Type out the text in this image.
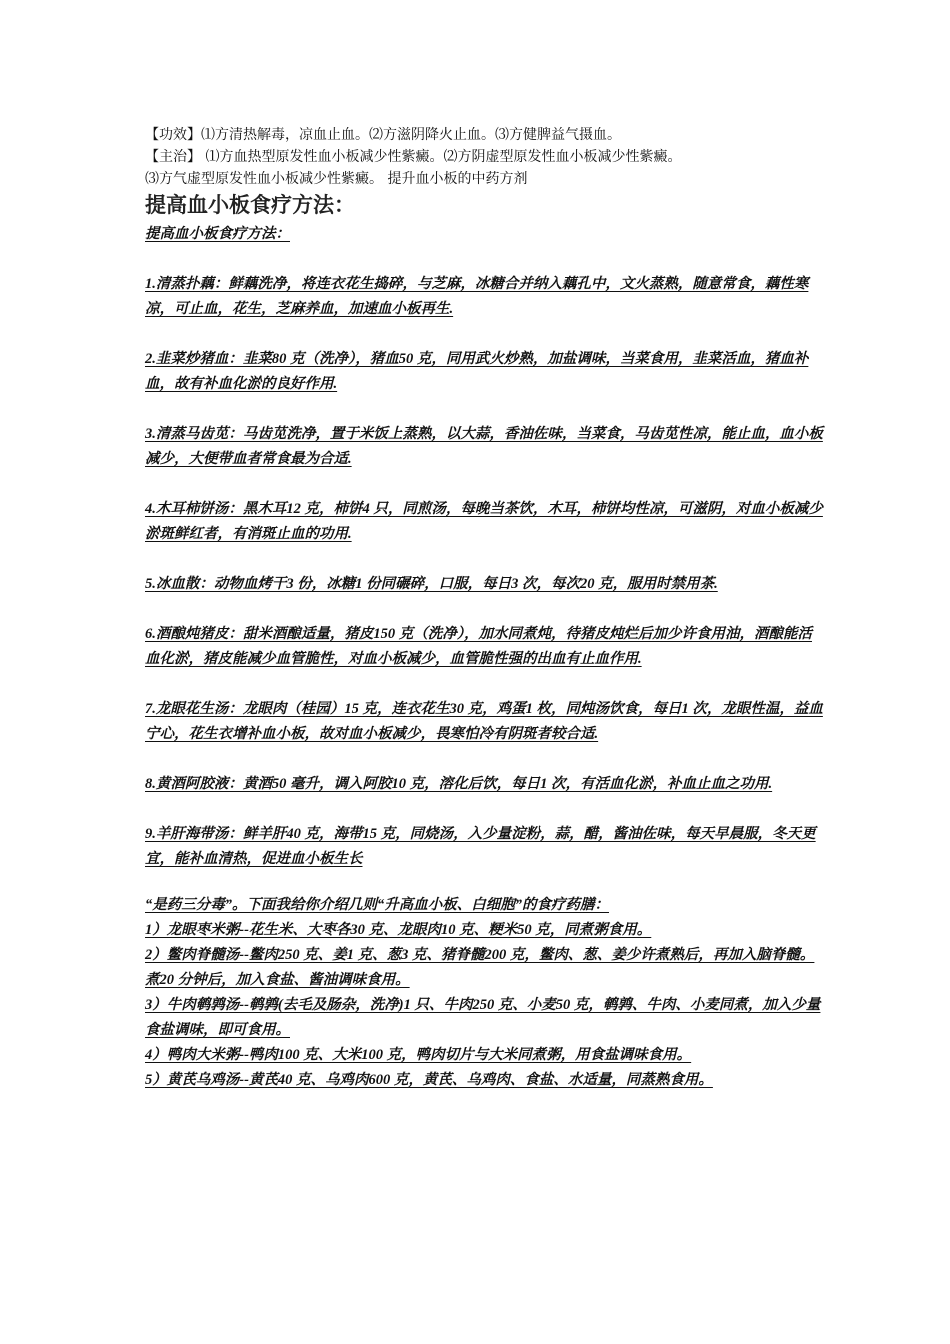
【功效】⑴方清热解毒，凉血止血。⑵方滋阴降火止血。⑶方健脾益气摄血。

【主治】 ⑴方血热型原发性血小板减少性紫癜。⑵方阴虚型原发性血小板减少性紫癜。

⑶方气虚型原发性血小板减少性紫癜。 提升血小板的中药方剂

提高血小板食疗方法：

提高血小板食疗方法：

1.清蒸扑藕：鲜藕洗净，将连衣花生捣碎，与芝麻，冰糖合并纳入藕孔中，文火蒸熟，随意常食，藕性寒凉，可止血，花生，芝麻养血，加速血小板再生.

2.韭菜炒猪血：韭菜80 克（洗净），猪血50 克，同用武火炒熟，加盐调味，当菜食用，韭菜活血，猪血补血，故有补血化淤的良好作用.

3.清蒸马齿苋：马齿苋洗净，置于米饭上蒸熟，以大蒜，香油佐味，当菜食，马齿苋性凉，能止血，血小板减少，大便带血者常食最为合适.

4.木耳柿饼汤：黑木耳12 克，柿饼4 只，同煎汤，每晚当茶饮，木耳，柿饼均性凉，可滋阴，对血小板减少淤斑鲜红者，有消斑止血的功用.

5.冰血散：动物血烤干3 份，冰糖1 份同碾碎，口服，每日3 次，每次20 克，服用时禁用茶.

6.酒酿炖猪皮：甜米酒酿适量，猪皮150 克（洗净），加水同煮炖，待猪皮炖烂后加少许食用油，酒酿能活血化淤，猪皮能减少血管脆性，对血小板减少，血管脆性强的出血有止血作用.

7.龙眼花生汤：龙眼肉（桂园）15 克，连衣花生30 克，鸡蛋1 枚，同炖汤饮食，每日1 次，龙眼性温，益血宁心，花生衣增补血小板，故对血小板减少，畏寒怕冷有阴斑者较合适.

8.黄酒阿胶液：黄酒50 毫升，调入阿胶10 克，溶化后饮，每日1 次，有活血化淤，补血止血之功用.

9.羊肝海带汤：鲜羊肝40 克，海带15 克，同烧汤，入少量淀粉，蒜，醋，酱油佐味，每天早晨服，冬天更宜，能补血清热，促进血小板生长

“是药三分毒”。下面我给你介绍几则“升高血小板、白细胞”的食疗药膳：

1）龙眼枣米粥--花生米、大枣各30 克、龙眼肉10 克、粳米50 克，同煮粥食用。

2）鳖肉脊髓汤--鳖肉250 克、姜1 克、葱3 克、猪脊髓200 克，鳖肉、葱、姜少许煮熟后，再加入脑脊髓。煮20 分钟后，加入食盐、酱油调味食用。

3）牛肉鹌鹑汤--鹌鹑(去毛及肠杂，洗净)1 只、牛肉250 克、小麦50 克，鹌鹑、牛肉、小麦同煮，加入少量食盐调味，即可食用。

4）鸭肉大米粥--鸭肉100 克、大米100 克，鸭肉切片与大米同煮粥，用食盐调味食用。

5）黄芪乌鸡汤--黄芪40 克、乌鸡肉600 克，黄芪、乌鸡肉、食盐、水适量，同蒸熟食用。
